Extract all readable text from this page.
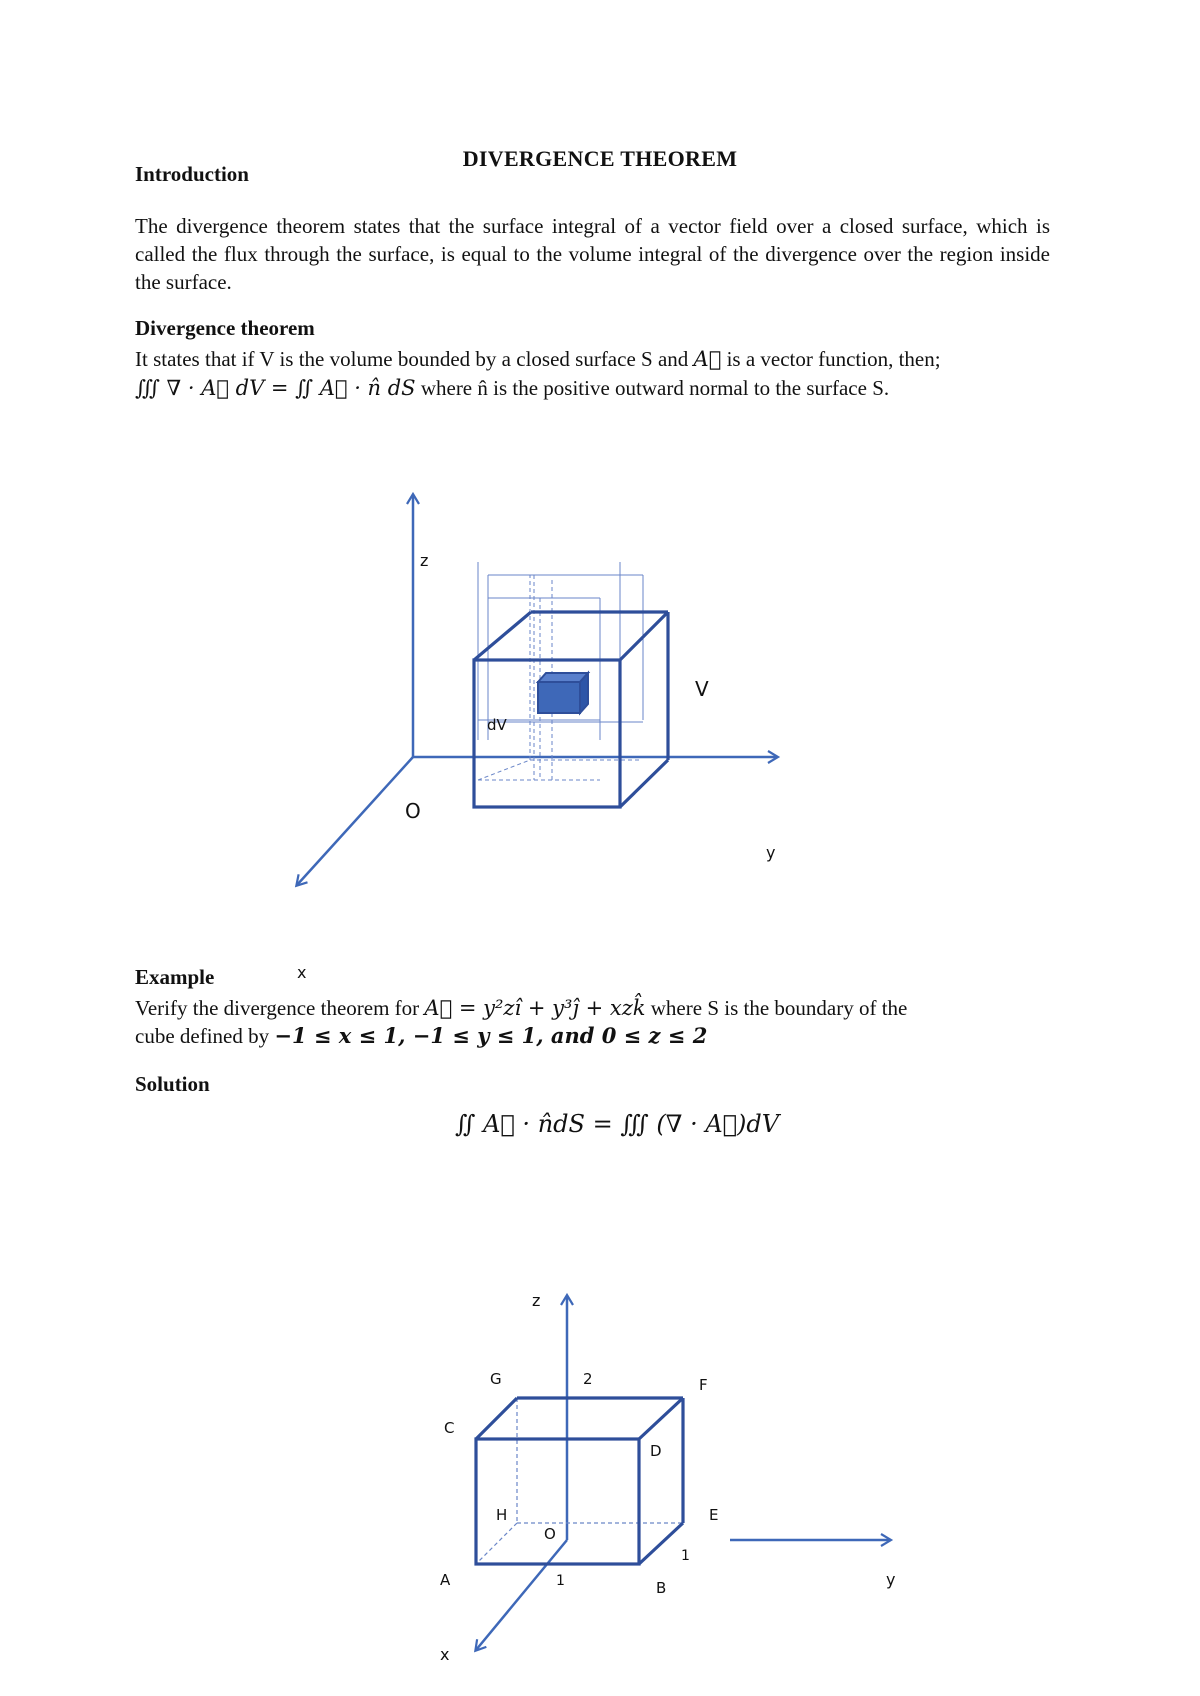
DIVERGENCE THEOREM
Introduction
The divergence theorem states that the surface integral of a vector field over a closed surface, which is called the flux through the surface, is equal to the volume integral of the divergence over the region inside the surface.
Divergence theorem
It states that if V is the volume bounded by a closed surface S and A⃗ is a vector function, then;
∭ ∇ · A⃗ dV = ∬ A⃗ · n̂ dS where n̂ is the positive outward normal to the surface S.
z
V
dV
O
y
x
Example
Verify the divergence theorem for A⃗ = y²zî + y³ĵ + xzk̂ where S is the boundary of the
cube defined by −1 ≤ x ≤ 1, −1 ≤ y ≤ 1, and 0 ≤ z ≤ 2
Solution
∬ A⃗ · n̂dS = ∭ (∇ · A⃗)dV
z
G	2	F
C
D
H	E
O
1
A	1	B	y
x
